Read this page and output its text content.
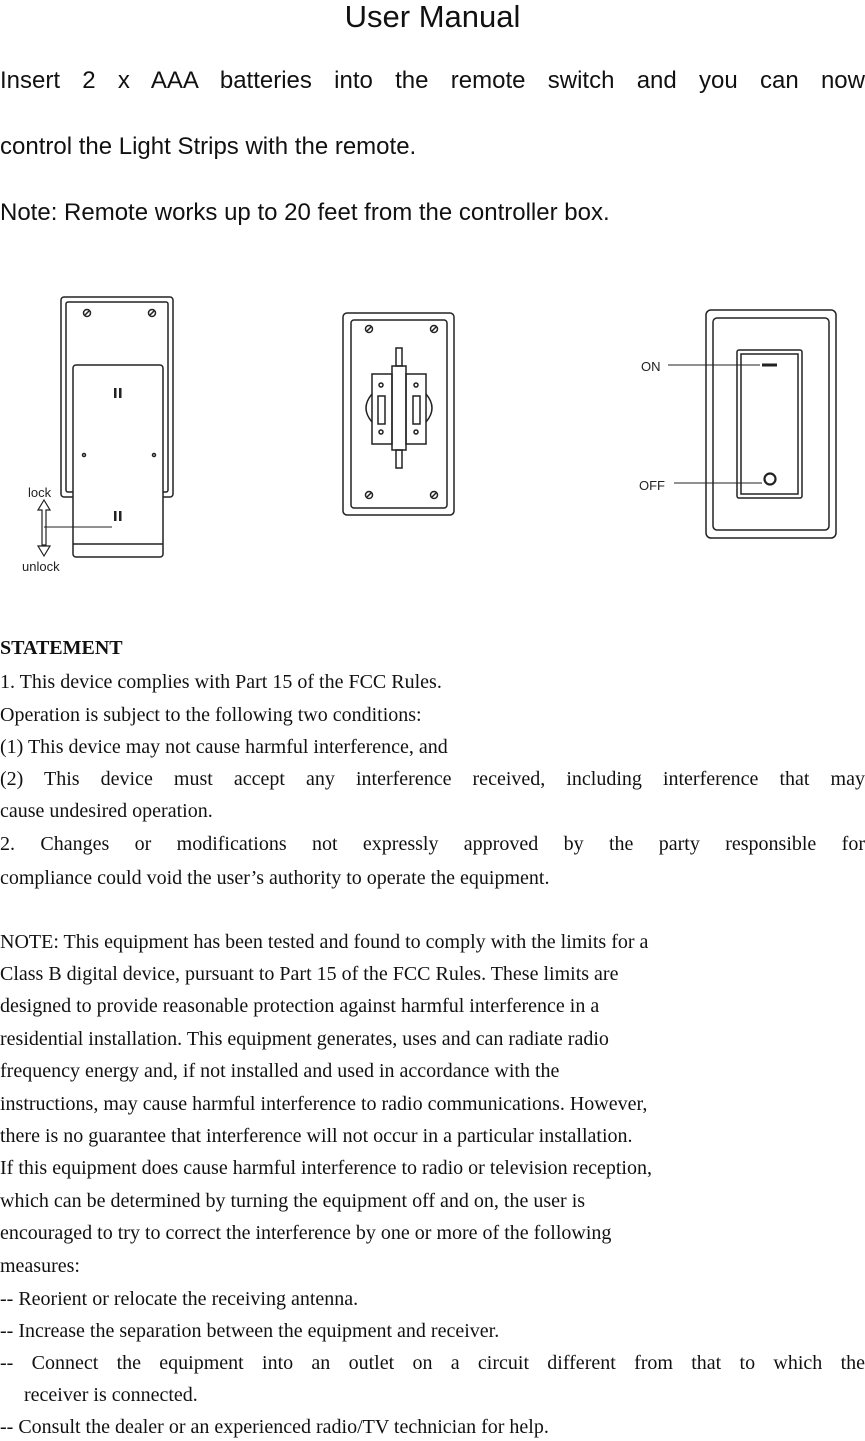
User Manual
Insert 2 x AAA batteries into the remote switch and you can now
control the Light Strips with the remote.
Note: Remote works up to 20 feet from the controller box.
lock
unlock
ON
OFF
STATEMENT
1. This device complies with Part 15 of the FCC Rules.
Operation is subject to the following two conditions:
(1) This device may not cause harmful interference, and
(2) This device must accept any interference received, including interference that may
cause undesired operation.
2. Changes or modifications not expressly approved by the party responsible for
compliance could void the user’s authority to operate the equipment.
NOTE: This equipment has been tested and found to comply with the limits for a
Class B digital device, pursuant to Part 15 of the FCC Rules. These limits are
designed to provide reasonable protection against harmful interference in a
residential installation. This equipment generates, uses and can radiate radio
frequency energy and, if not installed and used in accordance with the
instructions, may cause harmful interference to radio communications. However,
there is no guarantee that interference will not occur in a particular installation.
If this equipment does cause harmful interference to radio or television reception,
which can be determined by turning the equipment off and on, the user is
encouraged to try to correct the interference by one or more of the following
measures:
-- Reorient or relocate the receiving antenna.
-- Increase the separation between the equipment and receiver.
-- Connect the equipment into an outlet on a circuit different from that to which the
receiver is connected.
-- Consult the dealer or an experienced radio/TV technician for help.
